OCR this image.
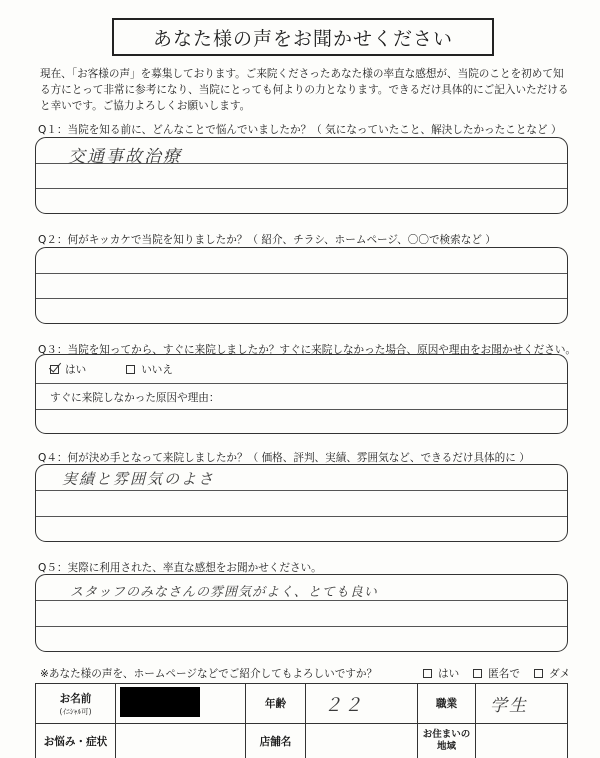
あなた様の声をお聞かせください

現在、「お客様の声」を募集しております。ご来院くださったあなた様の率直な感想が、当院のことを初めて知る方にとって非常に参考になり、当院にとっても何よりの力となります。できるだけ具体的にご記入いただけると幸いです。ご協力よろしくお願いします。

Q１：当院を知る前に、どんなことで悩んでいましたか？（ 気になっていたこと、解決したかったことなど ）
交通事故治療
Q２：何がキッカケで当院を知りましたか？（ 紹介、チラシ、ホームページ、〇〇で検索など ）
Q３：当院を知ってから、すぐに来院しましたか？すぐに来院しなかった場合、原因や理由をお聞かせください。
はい	いいえ
すぐに来院しなかった原因や理由：
Q４：何が決め手となって来院しましたか？（ 価格、評判、実績、雰囲気など、できるだけ具体的に ）
実績と雰囲気のよさ
Q５：実際に利用された、率直な感想をお聞かせください。
スタッフのみなさんの雰囲気がよく、とても良い
※あなた様の声を、ホームページなどでご紹介してもよろしいですか？	はい	匿名で	ダメ
お名前
(ｲﾆｼｬﾙ可)		年齢	２２	職業	学生
お悩み・症状		店舗名		お住まいの地域	
